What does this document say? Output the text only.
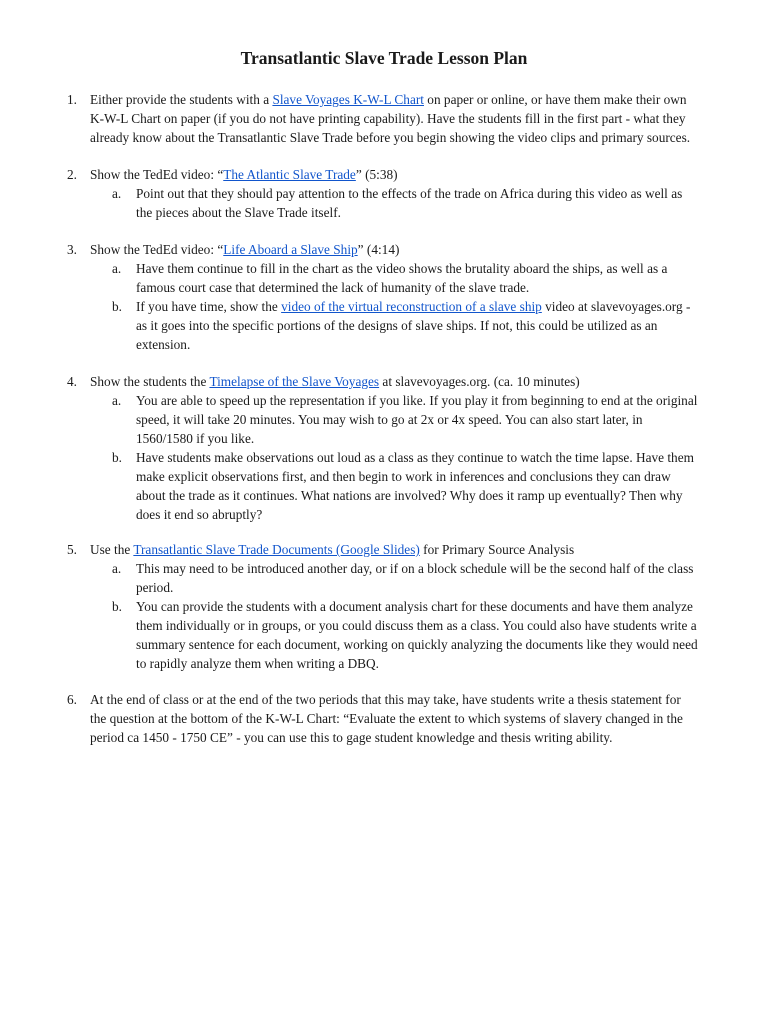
Transatlantic Slave Trade Lesson Plan
1. Either provide the students with a Slave Voyages K-W-L Chart on paper or online, or have them make their own
K-W-L Chart on paper (if you do not have printing capability). Have the students fill in the first part - what they
already know about the Transatlantic Slave Trade before you begin showing the video clips and primary sources.
2. Show the TedEd video: “The Atlantic Slave Trade” (5:38)
a. Point out that they should pay attention to the effects of the trade on Africa during this video as well as
the pieces about the Slave Trade itself.
3. Show the TedEd video: “Life Aboard a Slave Ship” (4:14)
a. Have them continue to fill in the chart as the video shows the brutality aboard the ships, as well as a
famous court case that determined the lack of humanity of the slave trade.
b. If you have time, show the video of the virtual reconstruction of a slave ship video at slavevoyages.org -
as it goes into the specific portions of the designs of slave ships. If not, this could be utilized as an
extension.
4. Show the students the Timelapse of the Slave Voyages at slavevoyages.org. (ca. 10 minutes)
a. You are able to speed up the representation if you like. If you play it from beginning to end at the original
speed, it will take 20 minutes. You may wish to go at 2x or 4x speed. You can also start later, in
1560/1580 if you like.
b. Have students make observations out loud as a class as they continue to watch the time lapse. Have them
make explicit observations first, and then begin to work in inferences and conclusions they can draw
about the trade as it continues. What nations are involved? Why does it ramp up eventually? Then why
does it end so abruptly?
5. Use the Transatlantic Slave Trade Documents (Google Slides) for Primary Source Analysis
a. This may need to be introduced another day, or if on a block schedule will be the second half of the class
period.
b. You can provide the students with a document analysis chart for these documents and have them analyze
them individually or in groups, or you could discuss them as a class. You could also have students write a
summary sentence for each document, working on quickly analyzing the documents like they would need
to rapidly analyze them when writing a DBQ.
6. At the end of class or at the end of the two periods that this may take, have students write a thesis statement for
the question at the bottom of the K-W-L Chart: “Evaluate the extent to which systems of slavery changed in the
period ca 1450 - 1750 CE” - you can use this to gage student knowledge and thesis writing ability.
